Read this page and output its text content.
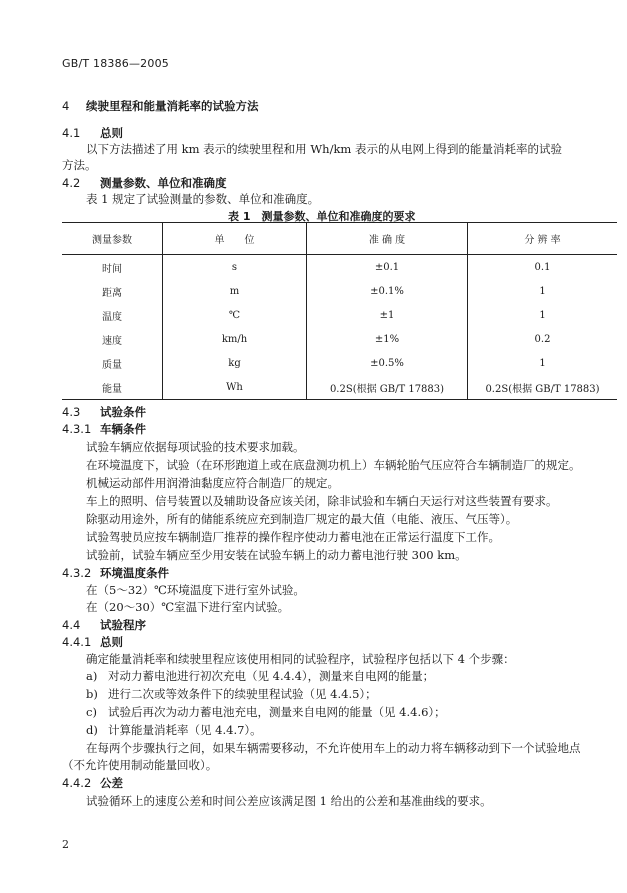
GB/T 18386—2005
4 续驶里程和能量消耗率的试验方法
4.1 总则
以下方法描述了用 km 表示的续驶里程和用 Wh/km 表示的从电网上得到的能量消耗率的试验
方法。
4.2 测量参数、单位和准确度
表 1 规定了试验测量的参数、单位和准确度。
表 1　测量参数、单位和准确度的要求
测量参数	单　　位	准 确 度	分 辨 率
时间	s	±0.1	0.1
距离	m	±0.1%	1
温度	℃	±1	1
速度	km/h	±1%	0.2
质量	kg	±0.5%	1
能量	Wh	0.2S(根据 GB/T 17883)	0.2S(根据 GB/T 17883)
4.3 试验条件
4.3.1 车辆条件
试验车辆应依据每项试验的技术要求加载。
在环境温度下，试验（在环形跑道上或在底盘测功机上）车辆轮胎气压应符合车辆制造厂的规定。
机械运动部件用润滑油黏度应符合制造厂的规定。
车上的照明、信号装置以及辅助设备应该关闭，除非试验和车辆白天运行对这些装置有要求。
除驱动用途外，所有的储能系统应充到制造厂规定的最大值（电能、液压、气压等）。
试验驾驶员应按车辆制造厂推荐的操作程序使动力蓄电池在正常运行温度下工作。
试验前，试验车辆应至少用安装在试验车辆上的动力蓄电池行驶 300 km。
4.3.2 环境温度条件
在（5～32）℃环境温度下进行室外试验。
在（20～30）℃室温下进行室内试验。
4.4 试验程序
4.4.1 总则
确定能量消耗率和续驶里程应该使用相同的试验程序，试验程序包括以下 4 个步骤：
a) 对动力蓄电池进行初次充电（见 4.4.4），测量来自电网的能量；
b) 进行二次或等效条件下的续驶里程试验（见 4.4.5）；
c) 试验后再次为动力蓄电池充电，测量来自电网的能量（见 4.4.6）；
d) 计算能量消耗率（见 4.4.7）。
在每两个步骤执行之间，如果车辆需要移动，不允许使用车上的动力将车辆移动到下一个试验地点
（不允许使用制动能量回收）。
4.4.2 公差
试验循环上的速度公差和时间公差应该满足图 1 给出的公差和基准曲线的要求。
2
